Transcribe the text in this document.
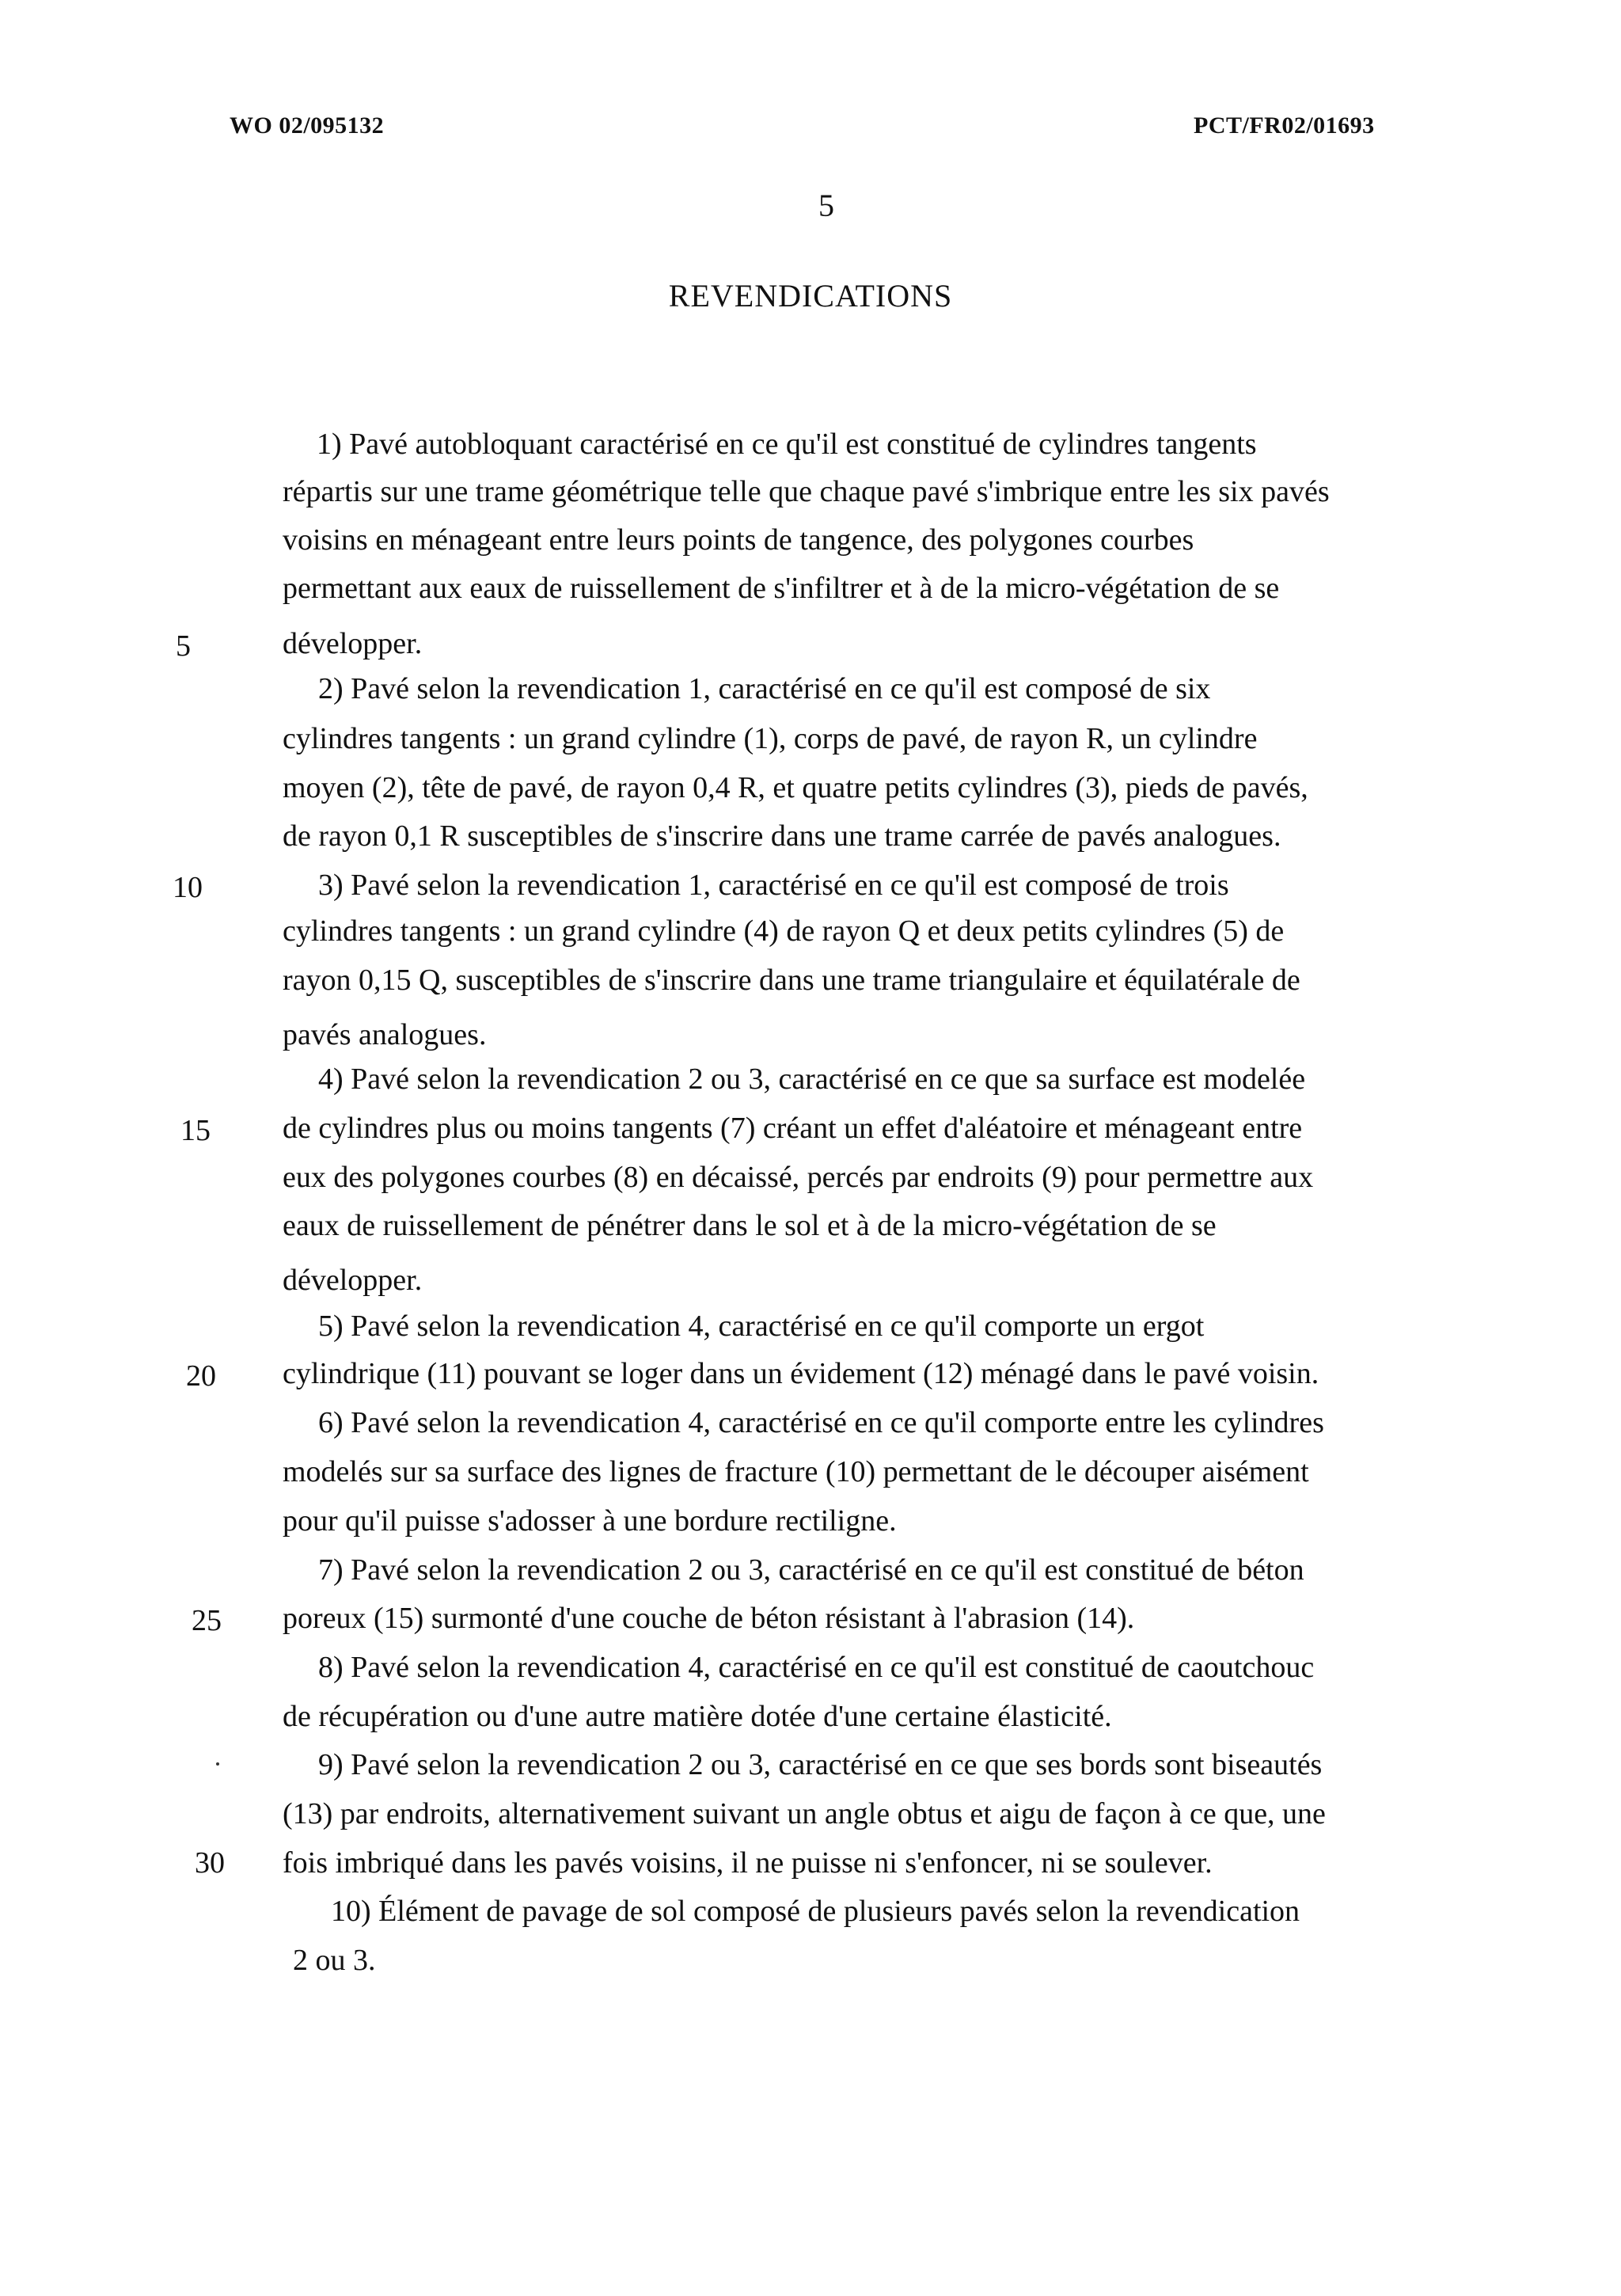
WO 02/095132	PCT/FR02/01693
5
REVENDICATIONS
1) Pavé autobloquant caractérisé en ce qu'il est constitué de cylindres tangents
répartis sur une trame géométrique telle que chaque pavé s'imbrique entre les six pavés
voisins en ménageant entre leurs points de tangence, des polygones courbes
permettant aux eaux de ruissellement de s'infiltrer et à de la micro-végétation de se
développer.
2) Pavé selon la revendication 1, caractérisé en ce qu'il est composé de six
cylindres tangents : un grand cylindre (1), corps de pavé, de rayon R, un cylindre
moyen (2), tête de pavé, de rayon 0,4 R, et quatre petits cylindres (3), pieds de pavés,
de rayon 0,1 R susceptibles de s'inscrire dans une trame carrée de pavés analogues.
3) Pavé selon la revendication 1, caractérisé en ce qu'il est composé de trois
cylindres tangents : un grand cylindre (4) de rayon Q et deux petits cylindres (5) de
rayon 0,15 Q, susceptibles de s'inscrire dans une trame triangulaire et équilatérale de
pavés analogues.
4) Pavé selon la revendication 2 ou 3, caractérisé en ce que sa surface est modelée
de cylindres plus ou moins tangents (7) créant un effet d'aléatoire et ménageant entre
eux des polygones courbes (8) en décaissé, percés par endroits (9) pour permettre aux
eaux de ruissellement de pénétrer dans le sol et à de la micro-végétation de se
développer.
5) Pavé selon la revendication 4, caractérisé en ce qu'il comporte un ergot
cylindrique (11) pouvant se loger dans un évidement (12) ménagé dans le pavé voisin.
6) Pavé selon la revendication 4, caractérisé en ce qu'il comporte entre les cylindres
modelés sur sa surface des lignes de fracture (10) permettant de le découper aisément
pour qu'il puisse s'adosser à une bordure rectiligne.
7) Pavé selon la revendication 2 ou 3, caractérisé en ce qu'il est constitué de béton
poreux (15) surmonté d'une couche de béton résistant à l'abrasion (14).
8) Pavé selon la revendication 4, caractérisé en ce qu'il est constitué de caoutchouc
de récupération ou d'une autre matière dotée d'une certaine élasticité.
9) Pavé selon la revendication 2 ou 3, caractérisé en ce que ses bords sont biseautés
(13) par endroits, alternativement suivant un angle obtus et aigu de façon à ce que, une
fois imbriqué dans les pavés voisins, il ne puisse ni s'enfoncer, ni se soulever.
10) Élément de pavage de sol composé de plusieurs pavés selon la revendication
2 ou 3.
5
10
15
20
25
30
